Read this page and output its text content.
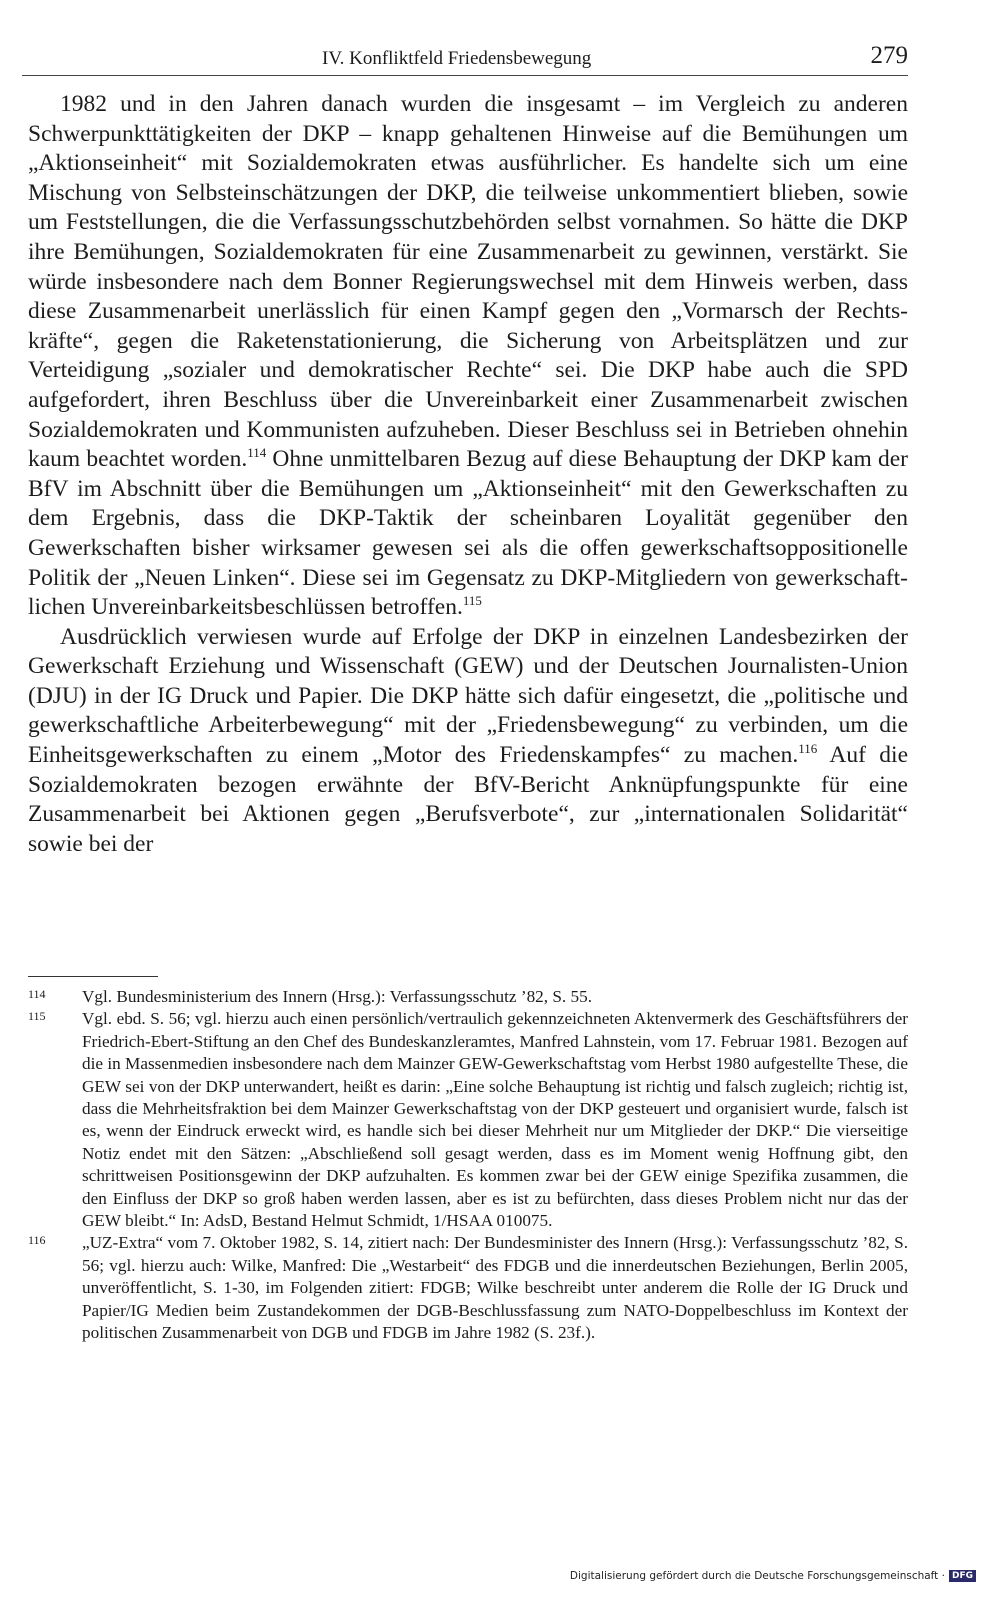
IV. Konfliktfeld Friedensbewegung	279

1982 und in den Jahren danach wurden die insgesamt – im Vergleich zu anderen Schwerpunkttätigkeiten der DKP – knapp gehaltenen Hinweise auf die Bemühungen um „Aktionseinheit“ mit Sozialdemokraten etwas ausführlicher. Es handelte sich um eine Mischung von Selbsteinschätzungen der DKP, die teilweise unkommentiert blieben, sowie um Feststellungen, die die Verfassungsschutzbehörden selbst vornahmen. So hätte die DKP ihre Bemühungen, Sozialdemokraten für eine Zusammenarbeit zu gewinnen, verstärkt. Sie würde insbesondere nach dem Bonner Regierungswechsel mit dem Hinweis werben, dass diese Zusammenarbeit unerlässlich für einen Kampf gegen den „Vormarsch der Rechtskräfte“, gegen die Raketenstationierung, die Sicherung von Arbeitsplätzen und zur Verteidigung „sozialer und demokratischer Rechte“ sei. Die DKP habe auch die SPD aufgefordert, ihren Beschluss über die Unvereinbarkeit einer Zusammenarbeit zwischen Sozialdemokraten und Kommunisten aufzuheben. Dieser Beschluss sei in Betrieben ohnehin kaum beachtet worden.$^{114}$ Ohne unmittelbaren Bezug auf diese Behauptung der DKP kam der BfV im Abschnitt über die Bemühungen um „Aktionseinheit“ mit den Gewerkschaften zu dem Ergebnis, dass die DKP-Taktik der scheinbaren Loyalität gegenüber den Gewerkschaften bisher wirksamer gewesen sei als die offen gewerkschaftsoppositionelle Politik der „Neuen Linken“. Diese sei im Gegensatz zu DKP-Mitgliedern von gewerkschaftlichen Unvereinbarkeitsbeschlüssen betroffen.$^{115}$

Ausdrücklich verwiesen wurde auf Erfolge der DKP in einzelnen Landesbezirken der Gewerkschaft Erziehung und Wissenschaft (GEW) und der Deutschen Journalisten-Union (DJU) in der IG Druck und Papier. Die DKP hätte sich dafür eingesetzt, die „politische und gewerkschaftliche Arbeiterbewegung“ mit der „Friedensbewegung“ zu verbinden, um die Einheitsgewerkschaften zu einem „Motor des Friedenskampfes“ zu machen.$^{116}$ Auf die Sozialdemokraten bezogen erwähnte der BfV-Bericht Anknüpfungspunkte für eine Zusammenarbeit bei Aktionen gegen „Berufsverbote“, zur „internationalen Solidarität“ sowie bei der

114 Vgl. Bundesministerium des Innern (Hrsg.): Verfassungsschutz ’82, S. 55.
115 Vgl. ebd. S. 56; vgl. hierzu auch einen persönlich/vertraulich gekennzeichneten Aktenvermerk des Geschäftsführers der Friedrich-Ebert-Stiftung an den Chef des Bundeskanzleramtes, Manfred Lahnstein, vom 17. Februar 1981. Bezogen auf die in Massenmedien insbesondere nach dem Mainzer GEW-Gewerkschaftstag vom Herbst 1980 aufgestellte These, die GEW sei von der DKP unterwandert, heißt es darin: „Eine solche Behauptung ist richtig und falsch zugleich; richtig ist, dass die Mehrheitsfraktion bei dem Mainzer Gewerkschaftstag von der DKP gesteuert und organisiert wurde, falsch ist es, wenn der Eindruck erweckt wird, es handle sich bei dieser Mehrheit nur um Mitglieder der DKP.“ Die vierseitige Notiz endet mit den Sätzen: „Abschließend soll gesagt werden, dass es im Moment wenig Hoffnung gibt, den schrittweisen Positionsgewinn der DKP aufzuhalten. Es kommen zwar bei der GEW einige Spezifika zusammen, die den Einfluss der DKP so groß haben werden lassen, aber es ist zu befürchten, dass dieses Problem nicht nur das der GEW bleibt.“ In: AdsD, Bestand Helmut Schmidt, 1/HSAA 010075.
116 „UZ-Extra“ vom 7. Oktober 1982, S. 14, zitiert nach: Der Bundesminister des Innern (Hrsg.): Verfassungsschutz ’82, S. 56; vgl. hierzu auch: Wilke, Manfred: Die „Westarbeit“ des FDGB und die innerdeutschen Beziehungen, Berlin 2005, unveröffentlicht, S. 1-30, im Folgenden zitiert: FDGB; Wilke beschreibt unter anderem die Rolle der IG Druck und Papier/IG Medien beim Zustandekommen der DGB-Beschlussfassung zum NATO-Doppelbeschluss im Kontext der politischen Zusammenarbeit von DGB und FDGB im Jahre 1982 (S. 23f.).
Digitalisierung gefördert durch die Deutsche Forschungsgemeinschaft · DFG
